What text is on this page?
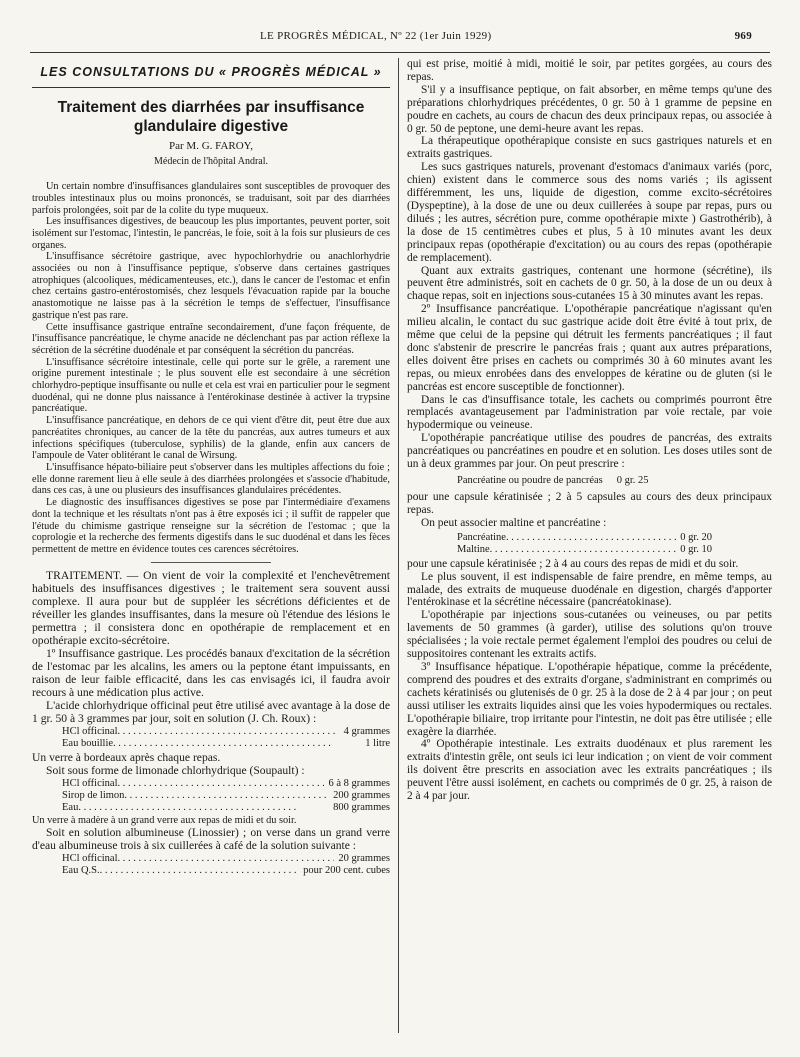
LE PROGRÈS MÉDICAL, Nº 22 (1er Juin 1929)	969
LES CONSULTATIONS DU « PROGRÈS MÉDICAL »
Traitement des diarrhées par insuffisance glandulaire digestive
Par M. G. FAROY,
Médecin de l'hôpital Andral.

Un certain nombre d'insuffisances glandulaires sont susceptibles de provoquer des troubles intestinaux plus ou moins prononcés, se traduisant, soit par des diarrhées parfois prolongées, soit par de la colite du type muqueux.

Les insuffisances digestives, de beaucoup les plus importantes, peuvent porter, soit isolément sur l'estomac, l'intestin, le pancréas, le foie, soit à la fois sur plusieurs de ces organes.

L'insuffisance sécrétoire gastrique, avec hypochlorhydrie ou anachlorhydrie associées ou non à l'insuffisance peptique, s'observe dans certaines gastriques atrophiques (alcooliques, médicamenteuses, etc.), dans le cancer de l'estomac et enfin chez certains gastro-entérostomisés, chez lesquels l'évacuation rapide par la bouche anastomotique ne laisse pas à la sécrétion le temps de s'effectuer, l'insuffisance gastrique n'est pas rare.

Cette insuffisance gastrique entraîne secondairement, d'une façon fréquente, de l'insuffisance pancréatique, le chyme anacide ne déclenchant pas par action réflexe la sécrétion de la sécrétine duodénale et par conséquent la sécrétion du pancréas.

L'insuffisance sécrétoire intestinale, celle qui porte sur le grêle, a rarement une origine purement intestinale ; le plus souvent elle est secondaire à une sécrétion chlorhydro-peptique insuffisante ou nulle et cela est vrai en particulier pour le segment duodénal, qui ne donne plus naissance à l'entérokinase destinée à activer la trypsine pancréatique.

L'insuffisance pancréatique, en dehors de ce qui vient d'être dit, peut être due aux pancréatites chroniques, au cancer de la tête du pancréas, aux autres tumeurs et aux infections spécifiques (tuberculose, syphilis) de la glande, enfin aux cancers de l'ampoule de Vater oblitérant le canal de Wirsung.

L'insuffisance hépato-biliaire peut s'observer dans les multiples affections du foie ; elle donne rarement lieu à elle seule à des diarrhées prolongées et s'associe d'habitude, dans ces cas, à une ou plusieurs des insuffisances glandulaires précédentes.

Le diagnostic des insuffisances digestives se pose par l'intermédiaire d'examens dont la technique et les résultats n'ont pas à être exposés ici ; il suffit de rappeler que l'étude du chimisme gastrique renseigne sur la sécrétion de l'estomac ; que la coprologie et la recherche des ferments digestifs dans le suc duodénal et dans les fèces permettent de mettre en évidence toutes ces carences sécrétoires.

TRAITEMENT. — On vient de voir la complexité et l'enchevêtrement habituels des insuffisances digestives ; le traitement sera souvent aussi complexe. Il aura pour but de suppléer les sécrétions déficientes et de réveiller les glandes insuffisantes, dans la mesure où l'étendue des lésions le permettra ; il consistera donc en opothérapie de remplacement et en opothérapie excito-sécrétoire.

1º Insuffisance gastrique. Les procédés banaux d'excitation de la sécrétion de l'estomac par les alcalins, les amers ou la peptone étant impuissants, en raison de leur faible efficacité, dans les cas envisagés ici, il faudra avoir recours à une médication plus active.

L'acide chlorhydrique officinal peut être utilisé avec avantage à la dose de 1 gr. 50 à 3 grammes par jour, soit en solution (J. Ch. Roux) :

HCl officinal . . .	4 grammes
Eau bouillie . . .	1 litre

Un verre à bordeaux après chaque repas.

Soit sous forme de limonade chlorhydrique (Soupault) :

HCl officinal . . .	6 à 8 grammes
Sirop de limon . . .	200 grammes
Eau . . .	800 grammes

Un verre à madère à un grand verre aux repas de midi et du soir.

Soit en solution albumineuse (Linossier) ; on verse dans un grand verre d'eau albumineuse trois à six cuillerées à café de la solution suivante :

HCl officinal . . .	20 grammes
Eau Q.S. . . .	pour 200 cent. cubes

qui est prise, moitié à midi, moitié le soir, par petites gorgées, au cours des repas.

S'il y a insuffisance peptique, on fait absorber, en même temps qu'une des préparations chlorhydriques précédentes, 0 gr. 50 à 1 gramme de pepsine en poudre en cachets, au cours de chacun des deux principaux repas, ou associée à 0 gr. 50 de peptone, une demi-heure avant les repas.

La thérapeutique opothérapique consiste en sucs gastriques naturels et en extraits gastriques.

Les sucs gastriques naturels, provenant d'estomacs d'animaux variés (porc, chien) existent dans le commerce sous des noms variés ; ils agissent différemment, les uns, liquide de digestion, comme excito-sécrétoires (Dyspeptine), à la dose de une ou deux cuillerées à soupe par repas, purs ou dilués ; les autres, sécrétion pure, comme opothérapie mixte ) Gastrothérib), à la dose de 15 centimètres cubes et plus, 5 à 10 minutes avant les deux principaux repas (opothérapie d'excitation) ou au cours des repas (opothérapie de remplacement).

Quant aux extraits gastriques, contenant une hormone (sécrétine), ils peuvent être administrés, soit en cachets de 0 gr. 50, à la dose de un ou deux à chaque repas, soit en injections sous-cutanées 15 à 30 minutes avant les repas.

2º Insuffisance pancréatique. L'opothérapie pancréatique n'agissant qu'en milieu alcalin, le contact du suc gastrique acide doit être évité à tout prix, de même que celui de la pepsine qui détruit les ferments pancréatiques ; il faut donc s'abstenir de prescrire le pancréas frais ; quant aux autres préparations, elles doivent être prises en cachets ou comprimés 30 à 60 minutes avant les repas, ou mieux enrobées dans des enveloppes de kératine ou de gluten (si le pancréas est encore susceptible de fonctionner).

Dans le cas d'insuffisance totale, les cachets ou comprimés pourront être remplacés avantageusement par l'administration par voie rectale, par voie hypodermique ou veineuse.

L'opothérapie pancréatique utilise des poudres de pancréas, des extraits pancréatiques ou pancréatines en poudre et en solution. Les doses utiles sont de un à deux grammes par jour. On peut prescrire :

Pancréatine ou poudre de pancréas	0 gr. 25

pour une capsule kératinisée ; 2 à 5 capsules au cours des deux principaux repas.

On peut associer maltine et pancréatine :

Pancréatine . . .	0 gr. 20
Maltine . . .	0 gr. 10

pour une capsule kératinisée ; 2 à 4 au cours des repas de midi et du soir.

Le plus souvent, il est indispensable de faire prendre, en même temps, au malade, des extraits de muqueuse duodénale en digestion, chargés d'apporter l'entérokinase et la sécrétine nécessaire (pancréatokinase).

L'opothérapie par injections sous-cutanées ou veineuses, ou par petits lavements de 50 grammes (à garder), utilise des solutions qu'on trouve spécialisées ; la voie rectale permet également l'emploi des poudres ou celui de suppositoires contenant les extraits actifs.

3º Insuffisance hépatique. L'opothérapie hépatique, comme la précédente, comprend des poudres et des extraits d'organe, s'administrant en comprimés ou cachets kératinisés ou glutenisés de 0 gr. 25 à la dose de 2 à 4 par jour ; on peut aussi utiliser les extraits liquides ainsi que les voies hypodermiques ou rectales. L'opothérapie biliaire, trop irritante pour l'intestin, ne doit pas être utilisée ; elle exagère la diarrhée.

4º Opothérapie intestinale. Les extraits duodénaux et plus rarement les extraits d'intestin grêle, ont seuls ici leur indication ; on vient de voir comment ils doivent être prescrits en association avec les extraits pancréatiques ; ils peuvent l'être aussi isolément, en cachets ou comprimés de 0 gr. 25, à raison de 2 à 4 par jour.
